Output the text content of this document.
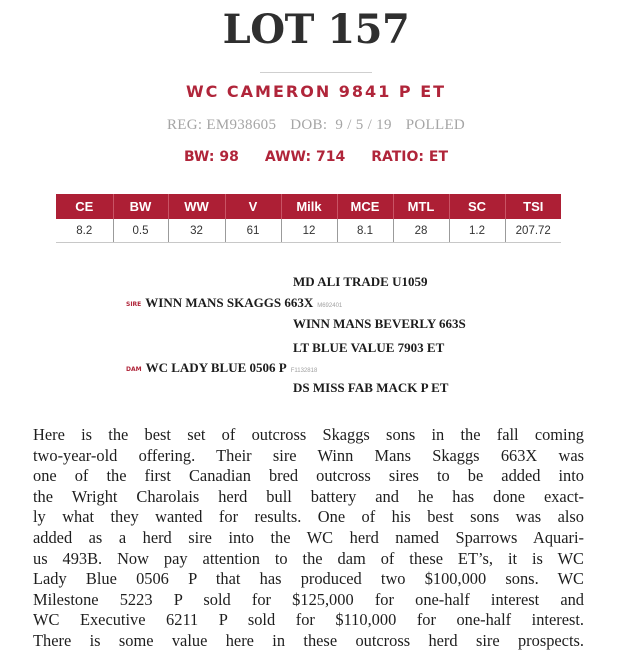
LOT 157
WC CAMERON 9841 P ET
REG: EM938605 DOB:  9 / 5 / 19 POLLED
BW: 98 AWW: 714 RATIO: ET
CE	BW	WW	V	Milk	MCE	MTL	SC	TSI
8.2	0.5	32	61	12	8.1	28	1.2	207.72
MD ALI TRADE U1059
SIRE WINN MANS SKAGGS 663X M692401
WINN MANS BEVERLY 663S
LT BLUE VALUE 7903 ET
DAM WC LADY BLUE 0506 P F1132818
DS MISS FAB MACK P ET
Here is the best set of outcross Skaggs sons in the fall coming
two-year-old offering. Their sire Winn Mans Skaggs 663X was
one of the first Canadian bred outcross sires to be added into
the Wright Charolais herd bull battery and he has done exact-
ly what they wanted for results. One of his best sons was also
added as a herd sire into the WC herd named Sparrows Aquari-
us 493B. Now pay attention to the dam of these ET’s, it is WC
Lady Blue 0506 P that has produced two $100,000 sons. WC
Milestone 5223 P sold for $125,000 for one-half interest and
WC Executive 6211 P sold for $110,000 for one-half interest.
There is some value here in these outcross herd sire prospects.
